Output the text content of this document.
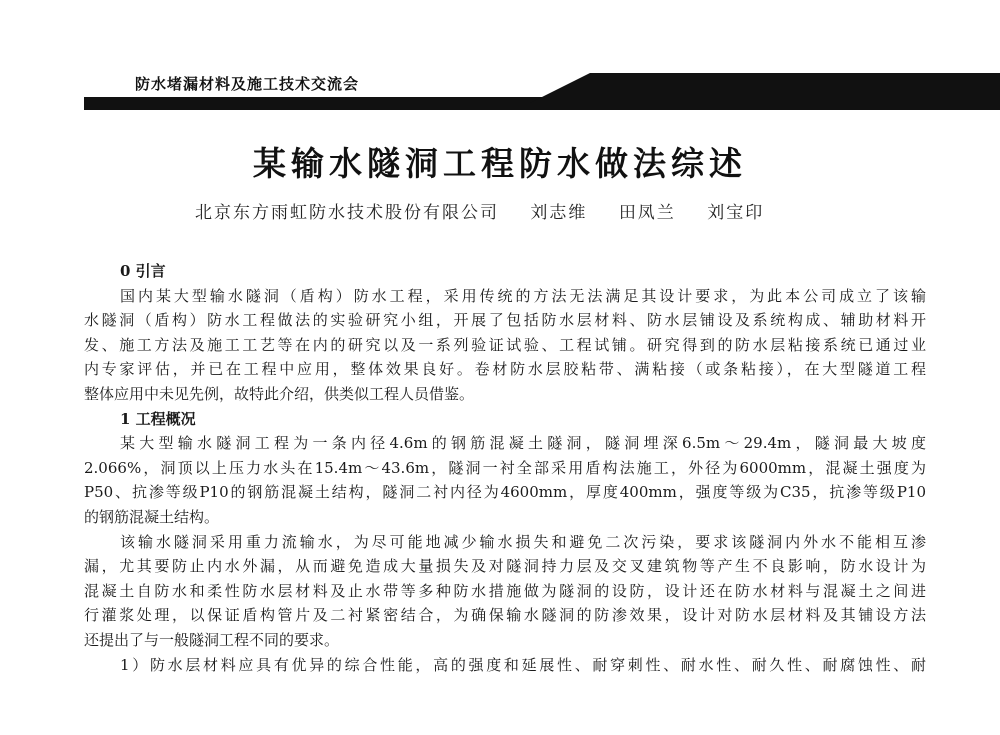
防水堵漏材料及施工技术交流会
某输水隧洞工程防水做法综述
北京东方雨虹防水技术股份有限公司 刘志维 田凤兰 刘宝印

0 引言

国内某大型输水隧洞（盾构）防水工程，采用传统的方法无法满足其设计要求，为此本公司成立了该输
水隧洞（盾构）防水工程做法的实验研究小组，开展了包括防水层材料、防水层铺设及系统构成、辅助材料开
发、施工方法及施工工艺等在内的研究以及一系列验证试验、工程试铺。研究得到的防水层粘接系统已通过业
内专家评估，并已在工程中应用，整体效果良好。卷材防水层胶粘带、满粘接（或条粘接），在大型隧道工程
整体应用中未见先例，故特此介绍，供类似工程人员借鉴。

1 工程概况

某大型输水隧洞工程为一条内径4.6m的钢筋混凝土隧洞，隧洞埋深6.5m～29.4m，隧洞最大坡度
2.066%，洞顶以上压力水头在15.4m～43.6m，隧洞一衬全部采用盾构法施工，外径为6000mm，混凝土强度为
P50、抗渗等级P10的钢筋混凝土结构，隧洞二衬内径为4600mm，厚度400mm，强度等级为C35，抗渗等级P10
的钢筋混凝土结构。
该输水隧洞采用重力流输水，为尽可能地减少输水损失和避免二次污染，要求该隧洞内外水不能相互渗
漏，尤其要防止内水外漏，从而避免造成大量损失及对隧洞持力层及交叉建筑物等产生不良影响，防水设计为
混凝土自防水和柔性防水层材料及止水带等多种防水措施做为隧洞的设防，设计还在防水材料与混凝土之间进
行灌浆处理，以保证盾构管片及二衬紧密结合，为确保输水隧洞的防渗效果，设计对防水层材料及其铺设方法
还提出了与一般隧洞工程不同的要求。
1）防水层材料应具有优异的综合性能，高的强度和延展性、耐穿刺性、耐水性、耐久性、耐腐蚀性、耐
